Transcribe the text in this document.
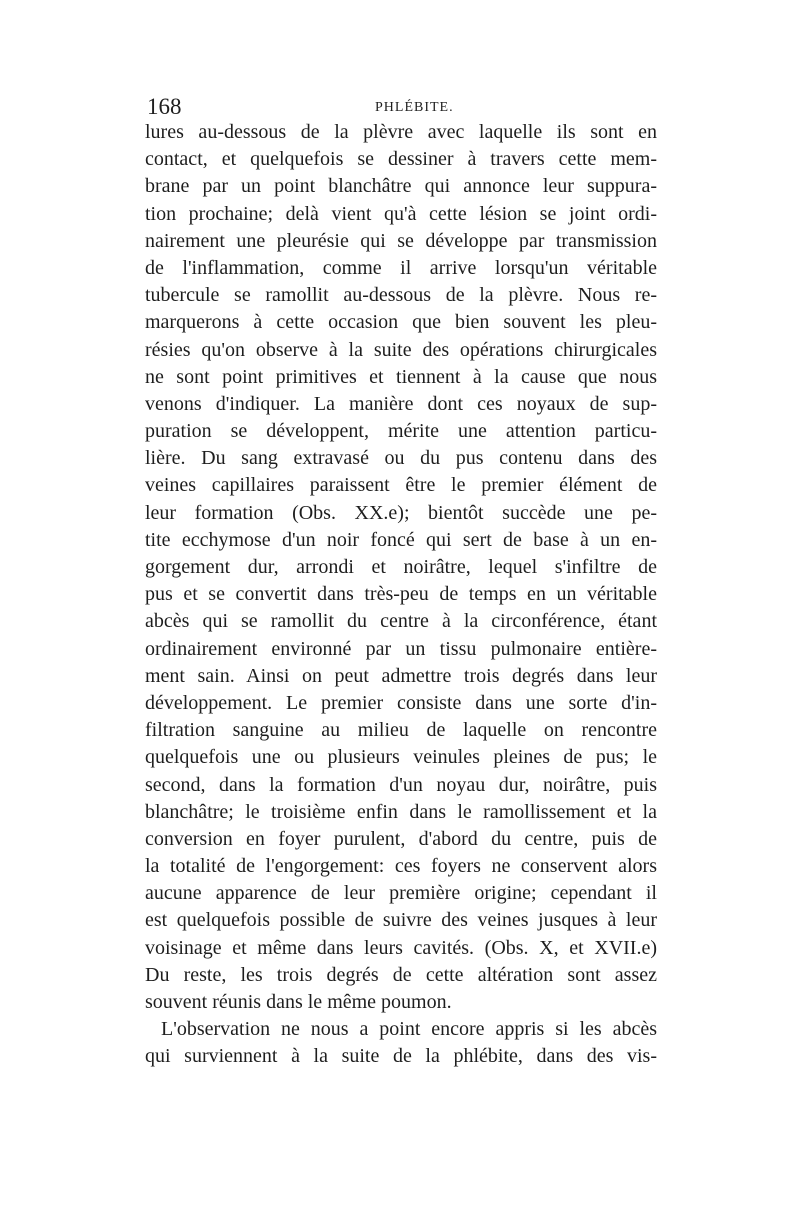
168	PHLÉBITE.
lures au-dessous de la plèvre avec laquelle ils sont en
contact, et quelquefois se dessiner à travers cette mem-
brane par un point blanchâtre qui annonce leur suppura-
tion prochaine; delà vient qu'à cette lésion se joint ordi-
nairement une pleurésie qui se développe par transmission
de l'inflammation, comme il arrive lorsqu'un véritable
tubercule se ramollit au-dessous de la plèvre. Nous re-
marquerons à cette occasion que bien souvent les pleu-
résies qu'on observe à la suite des opérations chirurgicales
ne sont point primitives et tiennent à la cause que nous
venons d'indiquer. La manière dont ces noyaux de sup-
puration se développent, mérite une attention particu-
lière. Du sang extravasé ou du pus contenu dans des
veines capillaires paraissent être le premier élément de
leur formation (Obs. XX.e); bientôt succède une pe-
tite ecchymose d'un noir foncé qui sert de base à un en-
gorgement dur, arrondi et noirâtre, lequel s'infiltre de
pus et se convertit dans très-peu de temps en un véritable
abcès qui se ramollit du centre à la circonférence, étant
ordinairement environné par un tissu pulmonaire entière-
ment sain. Ainsi on peut admettre trois degrés dans leur
développement. Le premier consiste dans une sorte d'in-
filtration sanguine au milieu de laquelle on rencontre
quelquefois une ou plusieurs veinules pleines de pus; le
second, dans la formation d'un noyau dur, noirâtre, puis
blanchâtre; le troisième enfin dans le ramollissement et la
conversion en foyer purulent, d'abord du centre, puis de
la totalité de l'engorgement: ces foyers ne conservent alors
aucune apparence de leur première origine; cependant il
est quelquefois possible de suivre des veines jusques à leur
voisinage et même dans leurs cavités. (Obs. X, et XVII.e)
Du reste, les trois degrés de cette altération sont assez
souvent réunis dans le même poumon.
L'observation ne nous a point encore appris si les abcès
qui surviennent à la suite de la phlébite, dans des vis-
